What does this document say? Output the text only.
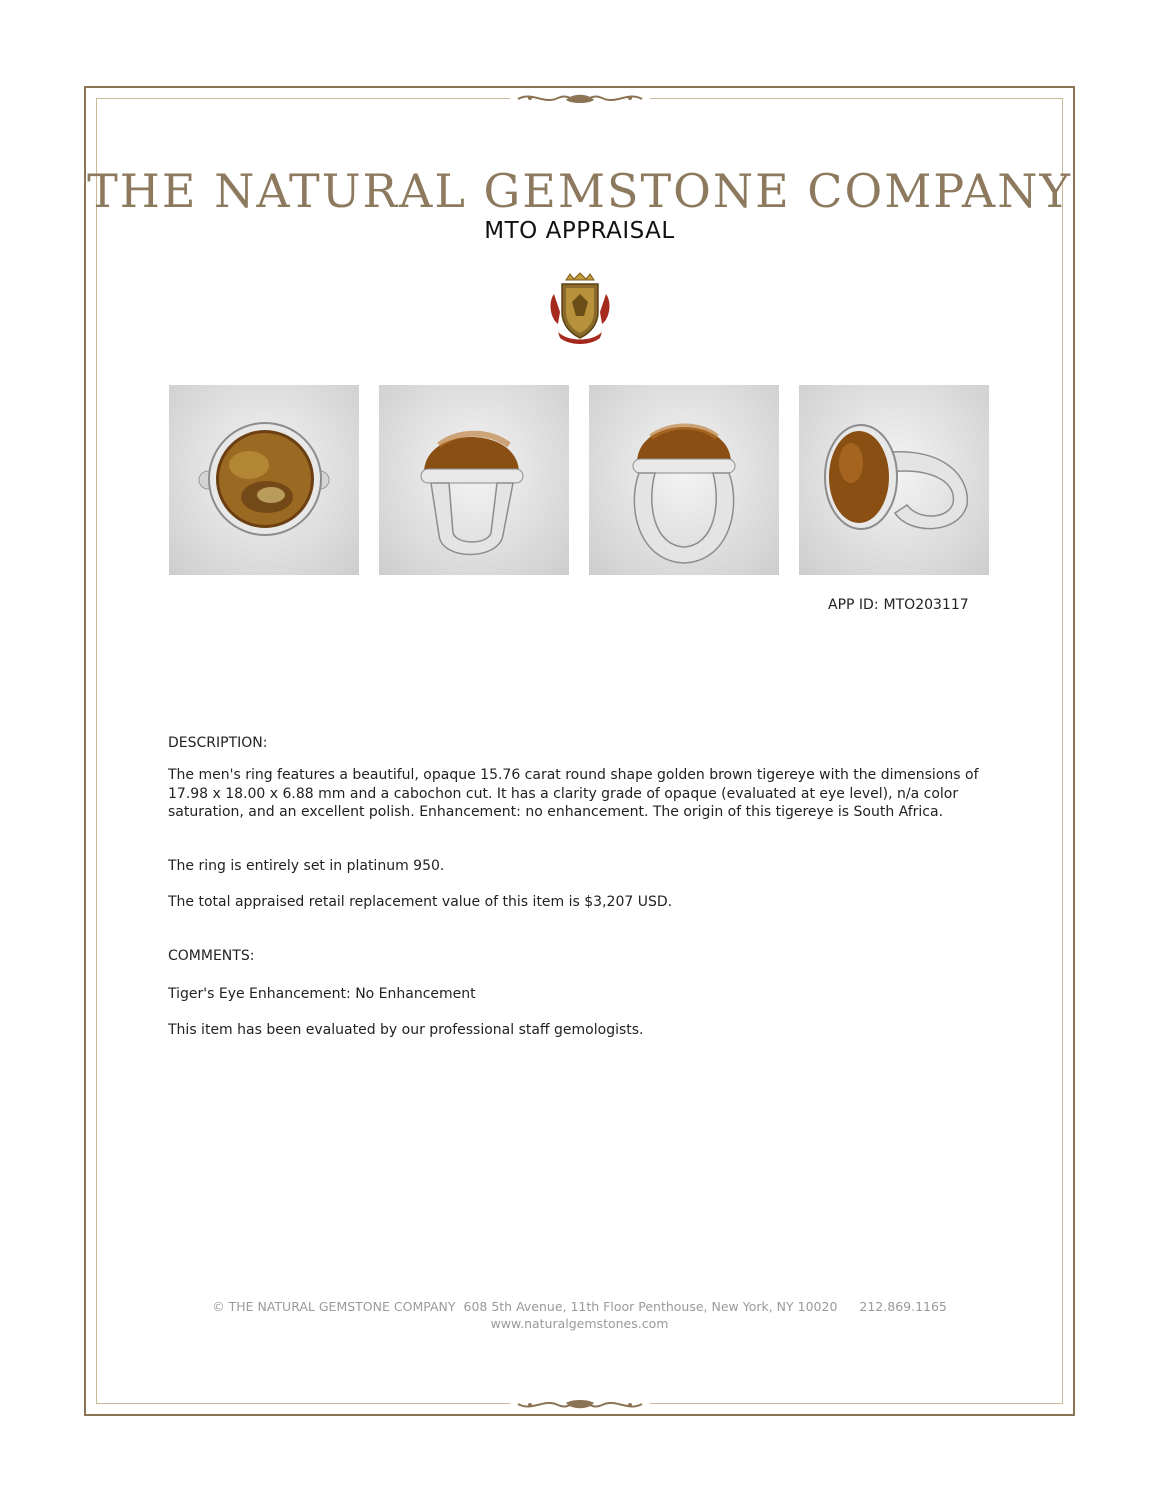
THE NATURAL GEMSTONE COMPANY
MTO APPRAISAL
APP ID: MTO203117
DESCRIPTION:
The men's ring features a beautiful, opaque 15.76 carat round shape golden brown tigereye with the dimensions of 17.98 x 18.00 x 6.88 mm and a cabochon cut. It has a clarity grade of opaque (evaluated at eye level), n/a color saturation, and an excellent polish. Enhancement: no enhancement. The origin of this tigereye is South Africa.
The ring is entirely set in platinum 950.
The total appraised retail replacement value of this item is $3,207 USD.
COMMENTS:
Tiger's Eye Enhancement: No Enhancement
This item has been evaluated by our professional staff gemologists.
© THE NATURAL GEMSTONE COMPANY 608 5th Avenue, 11th Floor Penthouse, New York, NY 10020 212.869.1165
www.naturalgemstones.com
